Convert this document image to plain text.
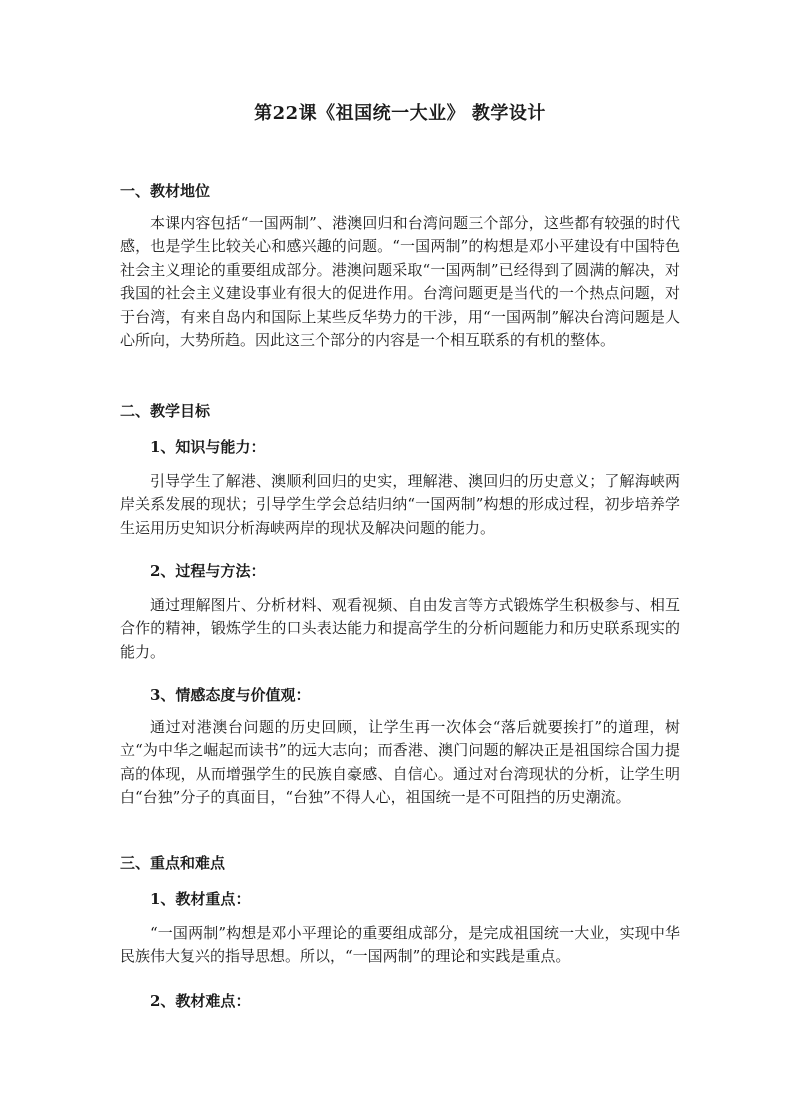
第22课《祖国统一大业》 教学设计
一、教材地位
本课内容包括“一国两制”、港澳回归和台湾问题三个部分，这些都有较强的时代感，也是学生比较关心和感兴趣的问题。“一国两制”的构想是邓小平建设有中国特色社会主义理论的重要组成部分。港澳问题采取“一国两制”已经得到了圆满的解决，对我国的社会主义建设事业有很大的促进作用。台湾问题更是当代的一个热点问题，对于台湾，有来自岛内和国际上某些反华势力的干涉，用“一国两制”解决台湾问题是人心所向，大势所趋。因此这三个部分的内容是一个相互联系的有机的整体。
二、教学目标
1、知识与能力：
引导学生了解港、澳顺利回归的史实，理解港、澳回归的历史意义；了解海峡两岸关系发展的现状；引导学生学会总结归纳“一国两制”构想的形成过程，初步培养学生运用历史知识分析海峡两岸的现状及解决问题的能力。
2、过程与方法：
通过理解图片、分析材料、观看视频、自由发言等方式锻炼学生积极参与、相互合作的精神，锻炼学生的口头表达能力和提高学生的分析问题能力和历史联系现实的能力。
3、情感态度与价值观：
通过对港澳台问题的历史回顾，让学生再一次体会“落后就要挨打”的道理，树立“为中华之崛起而读书”的远大志向；而香港、澳门问题的解决正是祖国综合国力提高的体现，从而增强学生的民族自豪感、自信心。通过对台湾现状的分析，让学生明白“台独”分子的真面目，“台独”不得人心，祖国统一是不可阻挡的历史潮流。
三、重点和难点
1、教材重点：
“一国两制”构想是邓小平理论的重要组成部分，是完成祖国统一大业，实现中华民族伟大复兴的指导思想。所以，“一国两制”的理论和实践是重点。
2、教材难点：
